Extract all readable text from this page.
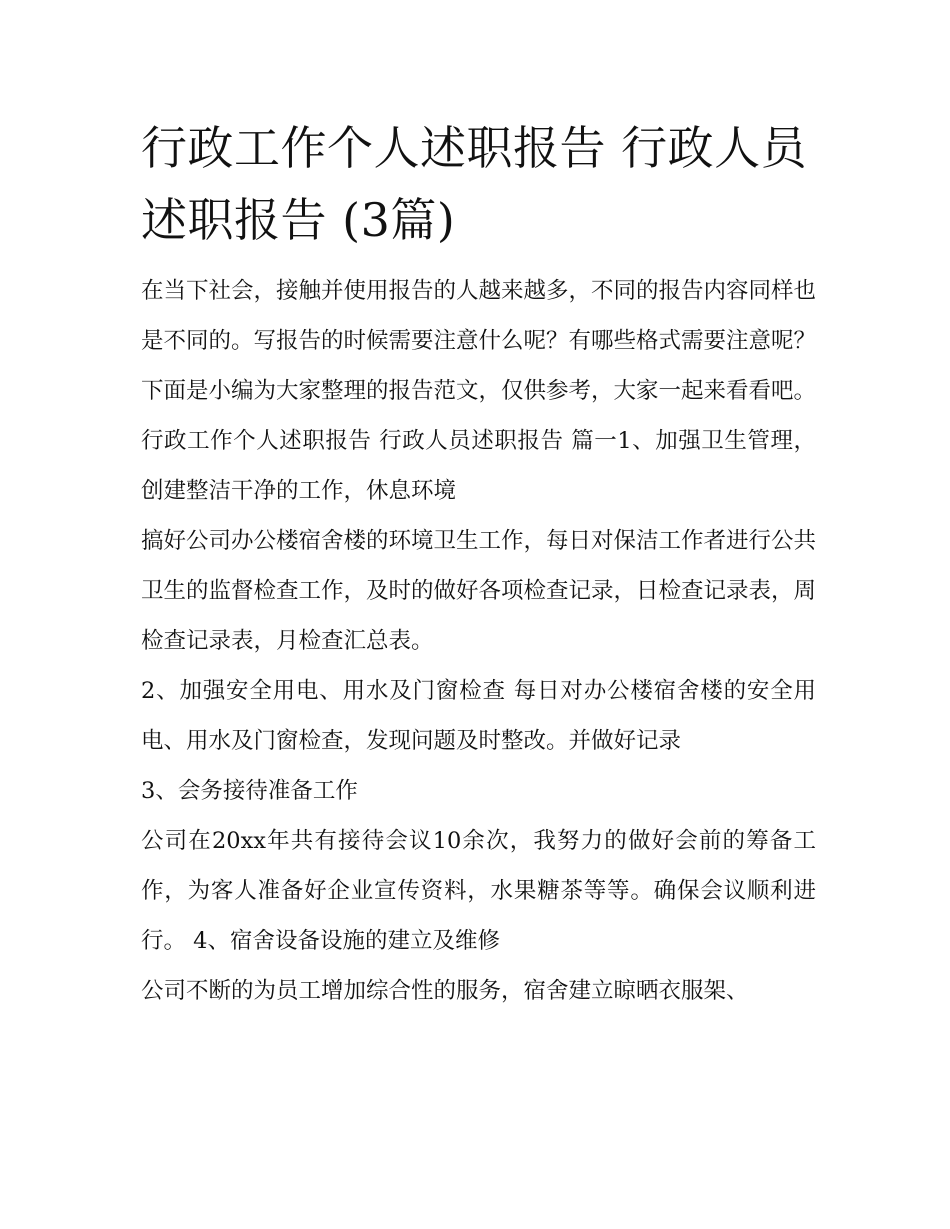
行政工作个人述职报告 行政人员述职报告 (3篇)

在当下社会，接触并使用报告的人越来越多，不同的报告内容同样也是不同的。写报告的时候需要注意什么呢？有哪些格式需要注意呢？下面是小编为大家整理的报告范文，仅供参考，大家一起来看看吧。

行政工作个人述职报告 行政人员述职报告 篇一1、加强卫生管理，创建整洁干净的工作，休息环境

搞好公司办公楼宿舍楼的环境卫生工作，每日对保洁工作者进行公共卫生的监督检查工作，及时的做好各项检查记录，日检查记录表，周检查记录表，月检查汇总表。

2、加强安全用电、用水及门窗检查 每日对办公楼宿舍楼的安全用电、用水及门窗检查，发现问题及时整改。并做好记录

3、会务接待准备工作

公司在20xx年共有接待会议10余次，我努力的做好会前的筹备工作，为客人准备好企业宣传资料，水果糖茶等等。确保会议顺利进行。 4、宿舍设备设施的建立及维修

公司不断的为员工增加综合性的服务，宿舍建立晾晒衣服架、
